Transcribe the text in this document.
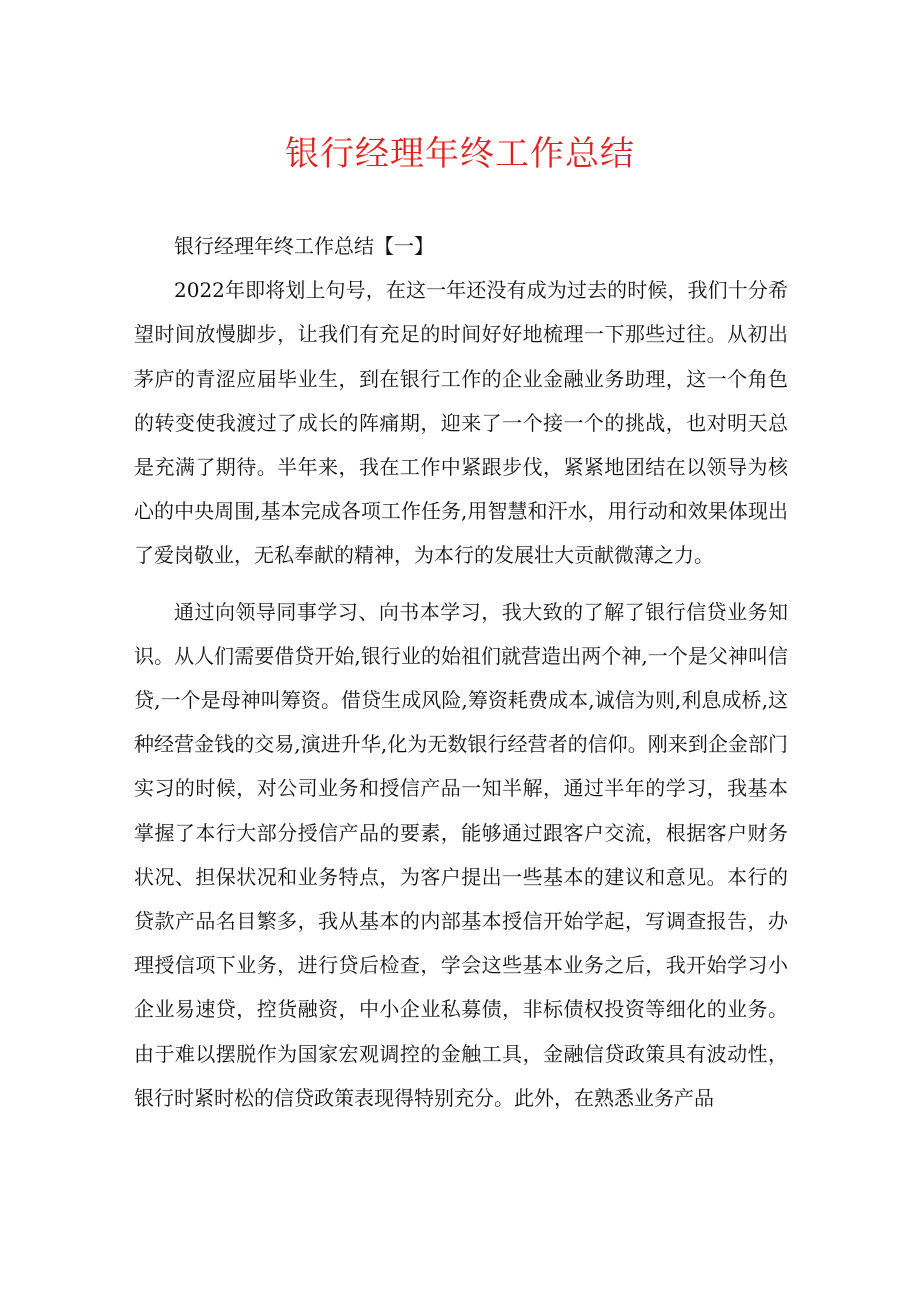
银行经理年终工作总结

银行经理年终工作总结【一】

2022年即将划上句号，在这一年还没有成为过去的时候，我们十分希望时间放慢脚步，让我们有充足的时间好好地梳理一下那些过往。从初出茅庐的青涩应届毕业生，到在银行工作的企业金融业务助理，这一个角色的转变使我渡过了成长的阵痛期，迎来了一个接一个的挑战，也对明天总是充满了期待。半年来，我在工作中紧跟步伐，紧紧地团结在以领导为核心的中央周围,基本完成各项工作任务,用智慧和汗水，用行动和效果体现出了爱岗敬业，无私奉献的精神，为本行的发展壮大贡献微薄之力。

通过向领导同事学习、向书本学习，我大致的了解了银行信贷业务知识。从人们需要借贷开始,银行业的始祖们就营造出两个神,一个是父神叫信贷,一个是母神叫筹资。借贷生成风险,筹资耗费成本,诚信为则,利息成桥,这种经营金钱的交易,演进升华,化为无数银行经营者的信仰。刚来到企金部门实习的时候，对公司业务和授信产品一知半解，通过半年的学习，我基本掌握了本行大部分授信产品的要素，能够通过跟客户交流，根据客户财务状况、担保状况和业务特点，为客户提出一些基本的建议和意见。本行的贷款产品名目繁多，我从基本的内部基本授信开始学起，写调查报告，办理授信项下业务，进行贷后检查，学会这些基本业务之后，我开始学习小企业易速贷，控货融资，中小企业私募债，非标债权投资等细化的业务。由于难以摆脱作为国家宏观调控的金触工具，金融信贷政策具有波动性，银行时紧时松的信贷政策表现得特别充分。此外，在熟悉业务产品
